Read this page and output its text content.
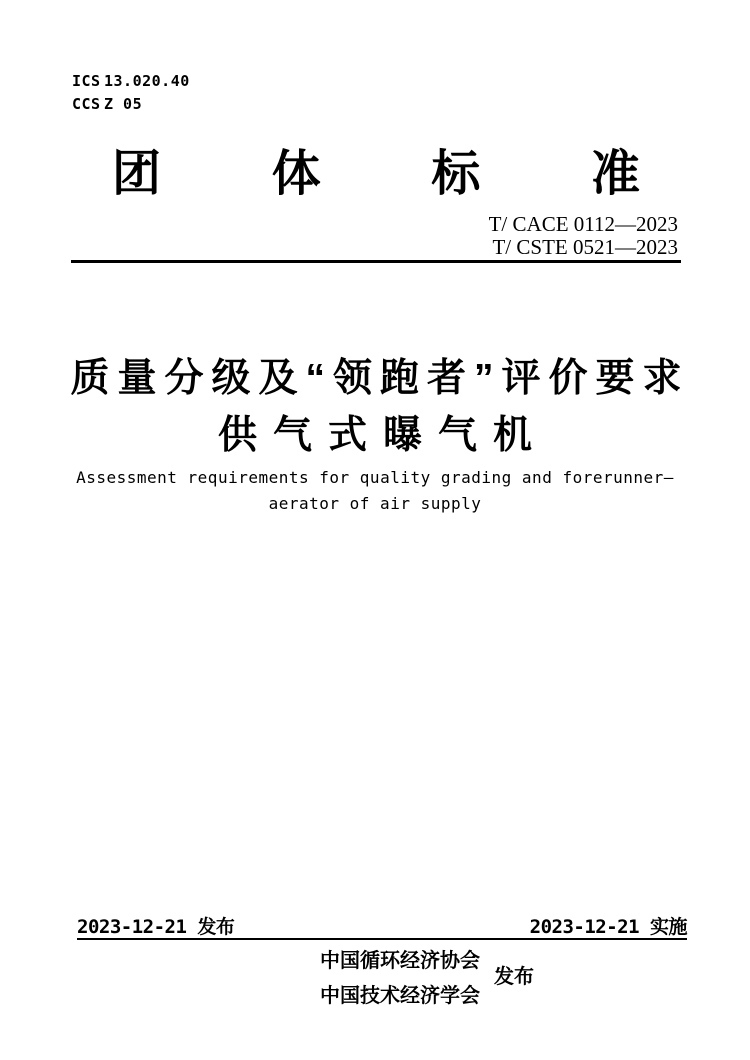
ICS 13.020.40
CCS Z 05
团 体 标 准
T/ CACE 0112—2023
T/ CSTE 0521—2023
质量分级及“领跑者”评价要求
供气式曝气机
Assessment requirements for quality grading and forerunner—
aerator of air supply
2023-12-21 发布	2023-12-21 实施
中国循环经济协会
中国技术经济学会
发布
